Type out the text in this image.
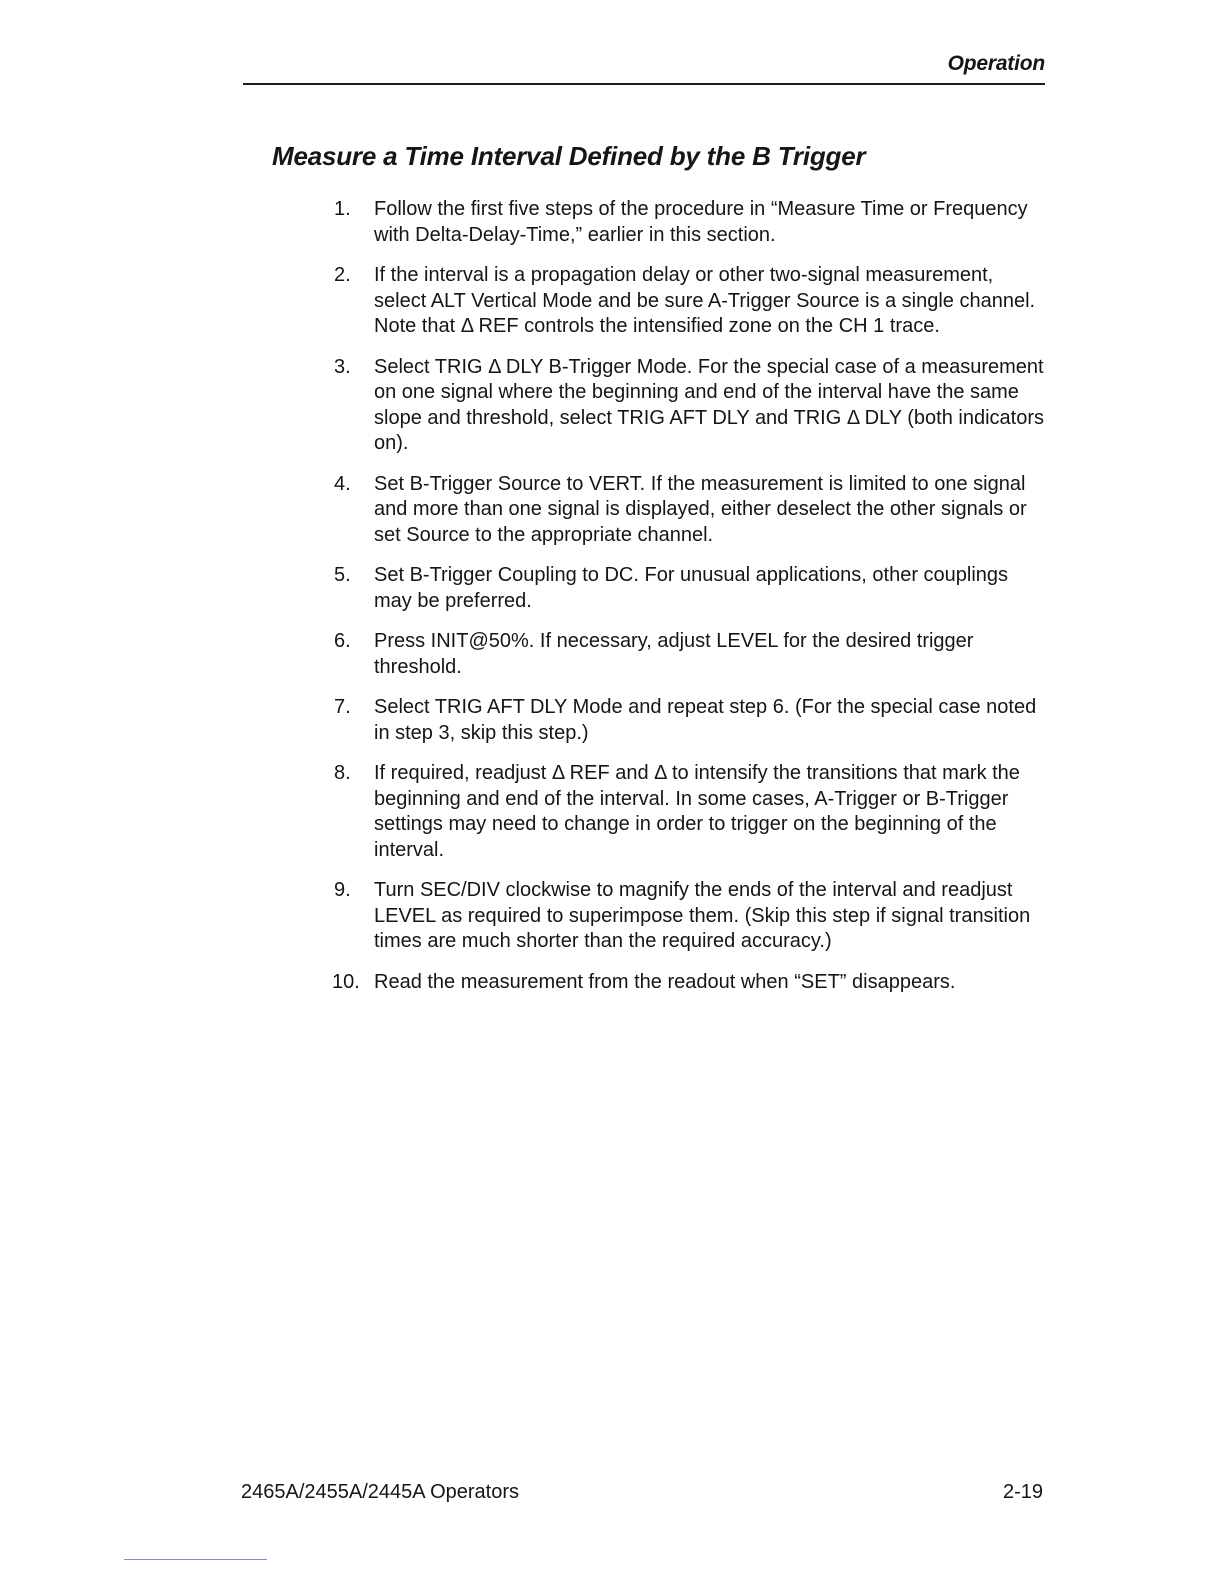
Operation
Measure a Time Interval Defined by the B Trigger
1. Follow the first five steps of the procedure in “Measure Time or Frequency with Delta-Delay-Time,” earlier in this section.
2. If the interval is a propagation delay or other two-signal measurement, select ALT Vertical Mode and be sure A-Trigger Source is a single channel. Note that Δ REF controls the intensified zone on the CH 1 trace.
3. Select TRIG Δ DLY B-Trigger Mode. For the special case of a measurement on one signal where the beginning and end of the interval have the same slope and threshold, select TRIG AFT DLY and TRIG Δ DLY (both indicators on).
4. Set B-Trigger Source to VERT. If the measurement is limited to one signal and more than one signal is displayed, either deselect the other signals or set Source to the appropriate channel.
5. Set B-Trigger Coupling to DC. For unusual applications, other couplings may be preferred.
6. Press INIT@50%. If necessary, adjust LEVEL for the desired trigger threshold.
7. Select TRIG AFT DLY Mode and repeat step 6. (For the special case noted in step 3, skip this step.)
8. If required, readjust Δ REF and Δ to intensify the transitions that mark the beginning and end of the interval. In some cases, A-Trigger or B-Trigger settings may need to change in order to trigger on the beginning of the interval.
9. Turn SEC/DIV clockwise to magnify the ends of the interval and readjust LEVEL as required to superimpose them. (Skip this step if signal transition times are much shorter than the required accuracy.)
10. Read the measurement from the readout when “SET” disappears.
2465A/2455A/2445A Operators	2-19
